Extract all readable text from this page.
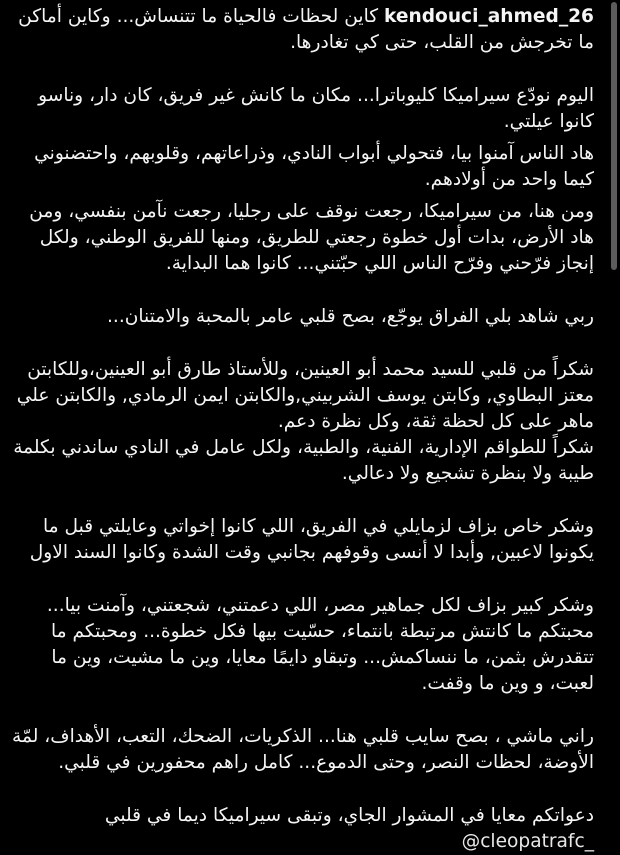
kendouci_ahmed_26 كاين لحظات فالحياة ما تتنساش... وكاين أماكن ما تخرجش من القلب، حتى كي تغادرها.

اليوم نودّع سيراميكا كليوباترا... مكان ما كانش غير فريق، كان دار، وناسو كانوا عيلتي.

هاد الناس آمنوا بيا، فتحولي أبواب النادي، وذراعاتهم، وقلوبهم، واحتضنوني كيما واحد من أولادهم.

ومن هنا، من سيراميكا، رجعت نوقف على رجليا، رجعت نآمن بنفسي، ومن هاد الأرض، بدات أول خطوة رجعتي للطريق، ومنها للفريق الوطني، ولكل إنجاز فرّحني وفرّح الناس اللي حبّتني... كانوا هما البداية.

ربي شاهد بلي الفراق يوجّع، بصح قلبي عامر بالمحبة والامتنان...

شكراً من قلبي للسيد محمد أبو العينين، وللأستاذ طارق أبو العينين،وللكابتن معتز البطاوي, وكابتن يوسف الشربيني,والكابتن ايمن الرمادي, والكابتن علي ماهر على كل لحظة ثقة، وكل نظرة دعم.

شكراً للطواقم الإدارية، الفنية، والطبية، ولكل عامل في النادي ساندني بكلمة طيبة ولا بنظرة تشجيع ولا دعالي.

وشكر خاص بزاف لزمايلي في الفريق، اللي كانوا إخواتي وعايلتي قبل ما يكونوا لاعبين, وأبدا لا أنسى وقوفهم بجانبي وقت الشدة وكانوا السند الاول

وشكر كبير بزاف لكل جماهير مصر، اللي دعمتني، شجعتني، وآمنت بيا... محبتكم ما كانتش مرتبطة بانتماء، حسّيت بيها فكل خطوة... ومحبتكم ما تتقدرش بثمن، ما ننساكمش... وتبقاو دايمًا معايا، وين ما مشيت، وين ما لعبت، و وين ما وقفت.

راني ماشي ، بصح سايب قلبي هنا... الذكريات، الضحك، التعب، الأهداف، لمّة الأوضة، لحظات النصر، وحتى الدموع... كامل راهم محفورين في قلبي.

دعواتكم معايا في المشوار الجاي، وتبقى سيراميكا ديما في قلبي

@cleopatrafc_
